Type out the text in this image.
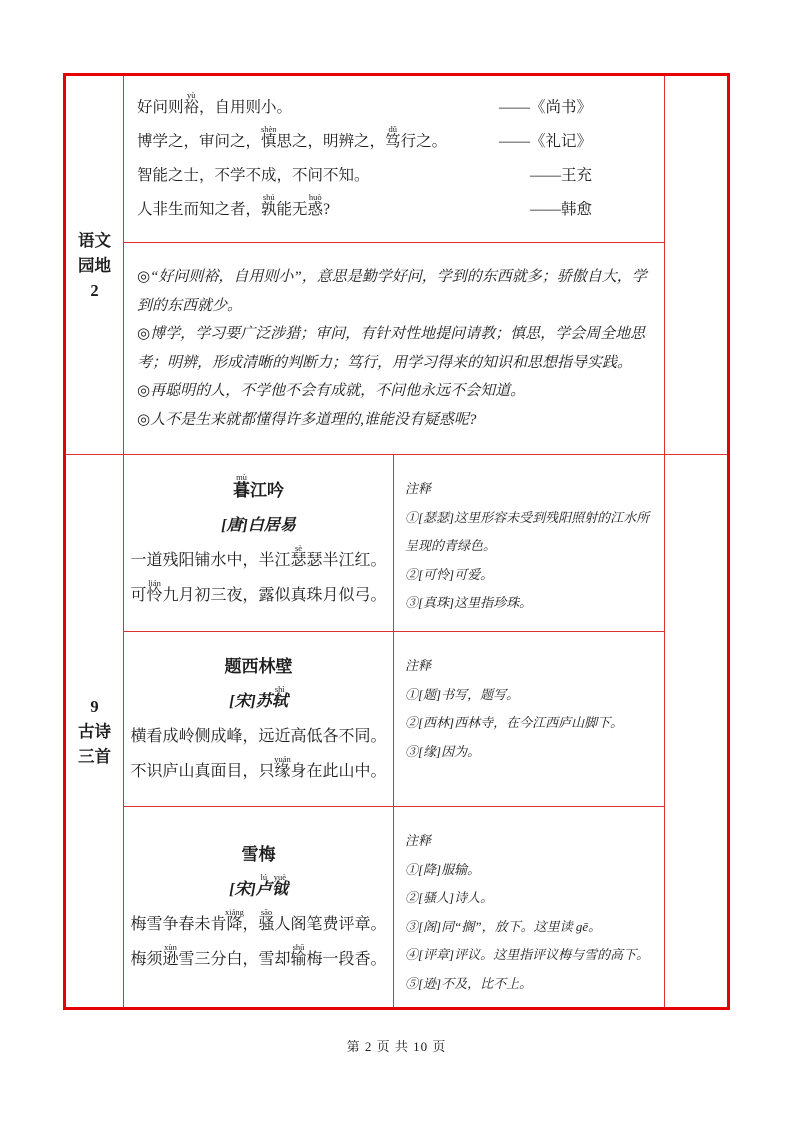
语文
园地
2
好问则裕
yù
，自用则小。	——《尚书》
博学之，审问之，慎
shèn
思之，明辨之，笃
dǔ
行之。	——《礼记》
智能之士，不学不成，不问不知。	——王充
人非生而知之者，孰
shú
能无惑
huò
?	——韩愈
◎“好问则裕，自用则小”，意思是勤学好问，学到的东西就多；骄傲自大，学到的东西就少。
◎博学，学习要广泛涉猎；审问，有针对性地提问请教；慎思，学会周全地思考；明辨，形成清晰的判断力；笃行，用学习得来的知识和思想指导实践。
◎再聪明的人，不学他不会有成就，不问他永远不会知道。
◎人不是生来就都懂得许多道理的,谁能没有疑惑呢?
9
古诗
三首
暮
mù
江吟
[唐]白居易
一道残阳铺水中，半江瑟
sè
瑟半江红。
可怜
lián
九月初三夜，露似真珠月似弓。
注释
①[瑟瑟]这里形容未受到残阳照射的江水所呈现的青绿色。
②[可怜]可爱。
③[真珠]这里指珍珠。
题西林壁
[宋]苏轼
shì
横看成岭侧成峰，远近高低各不同。
不识庐山真面目，只缘
yuán
身在此山中。
注释
①[题]书写，题写。
②[西林]西林寺，在今江西庐山脚下。
③[缘]因为。
雪梅
[宋]卢
lú
钺
yuè
梅雪争春未肯降
xiáng
，骚
sāo
人阁笔费评章。
梅须逊
xùn
雪三分白，雪却输
shū
梅一段香。
注释
①[降]服输。
②[骚人]诗人。
③[阁]同“搁”，放下。这里读 gē。
④[评章]评议。这里指评议梅与雪的高下。
⑤[逊]不及，比不上。
第 2 页 共 10 页
